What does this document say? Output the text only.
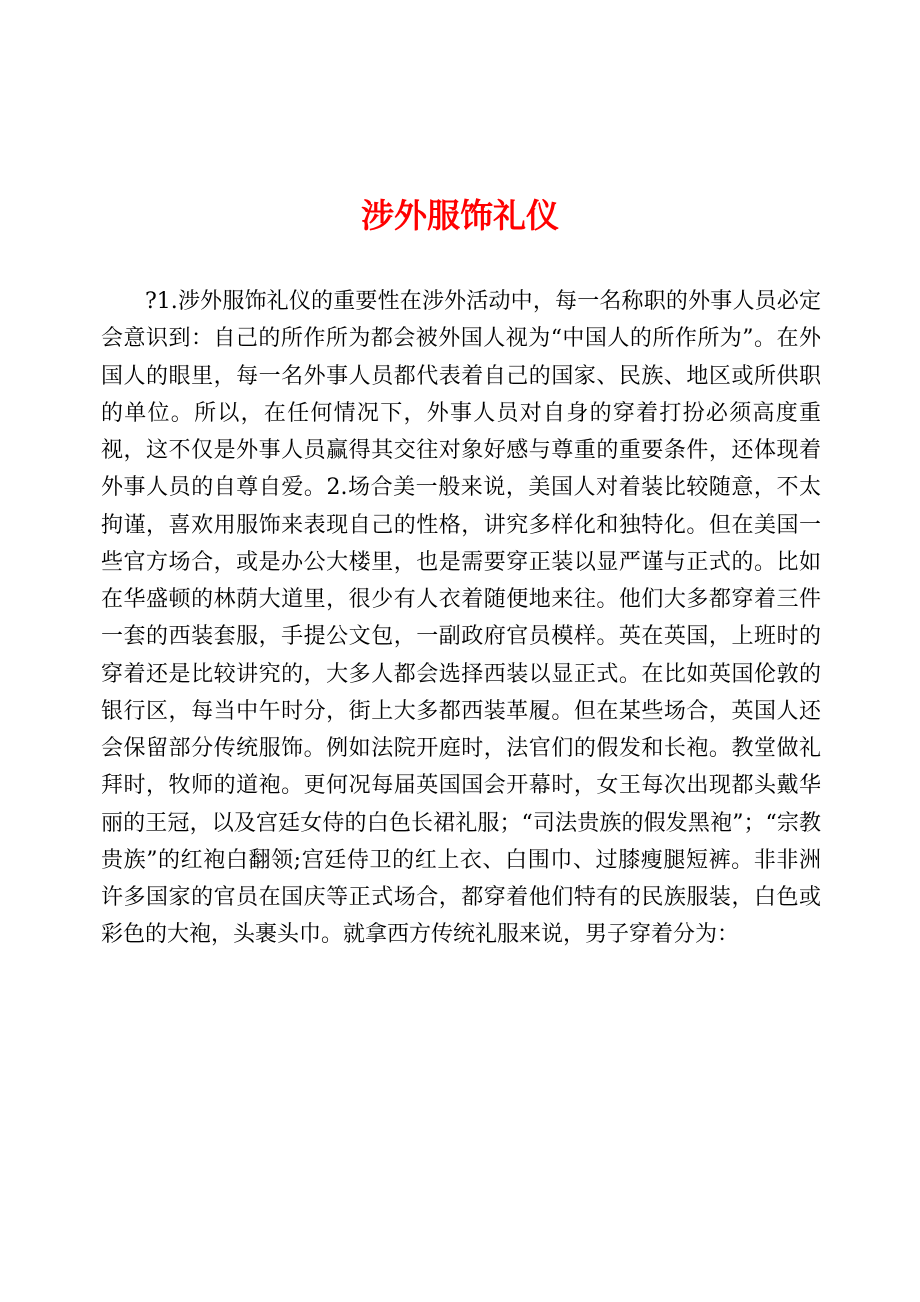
涉外服饰礼仪

?1.涉外服饰礼仪的重要性在涉外活动中，每一名称职的外事人员必定会意识到：自己的所作所为都会被外国人视为“中国人的所作所为”。在外国人的眼里，每一名外事人员都代表着自己的国家、民族、地区或所供职的单位。所以，在任何情况下，外事人员对自身的穿着打扮必须高度重视，这不仅是外事人员赢得其交往对象好感与尊重的重要条件，还体现着外事人员的自尊自爱。2.场合美一般来说，美国人对着装比较随意，不太拘谨，喜欢用服饰来表现自己的性格，讲究多样化和独特化。但在美国一些官方场合，或是办公大楼里，也是需要穿正装以显严谨与正式的。比如在华盛顿的林荫大道里，很少有人衣着随便地来往。他们大多都穿着三件一套的西装套服，手提公文包，一副政府官员模样。英在英国，上班时的穿着还是比较讲究的，大多人都会选择西装以显正式。在比如英国伦敦的银行区，每当中午时分，街上大多都西装革履。但在某些场合，英国人还会保留部分传统服饰。例如法院开庭时，法官们的假发和长袍。教堂做礼拜时，牧师的道袍。更何况每届英国国会开幕时，女王每次出现都头戴华丽的王冠，以及宫廷女侍的白色长裙礼服；“司法贵族的假发黑袍”；“宗教贵族”的红袍白翻领;宫廷侍卫的红上衣、白围巾、过膝瘦腿短裤。非非洲许多国家的官员在国庆等正式场合，都穿着他们特有的民族服装，白色或彩色的大袍，头裹头巾。就拿西方传统礼服来说，男子穿着分为：
